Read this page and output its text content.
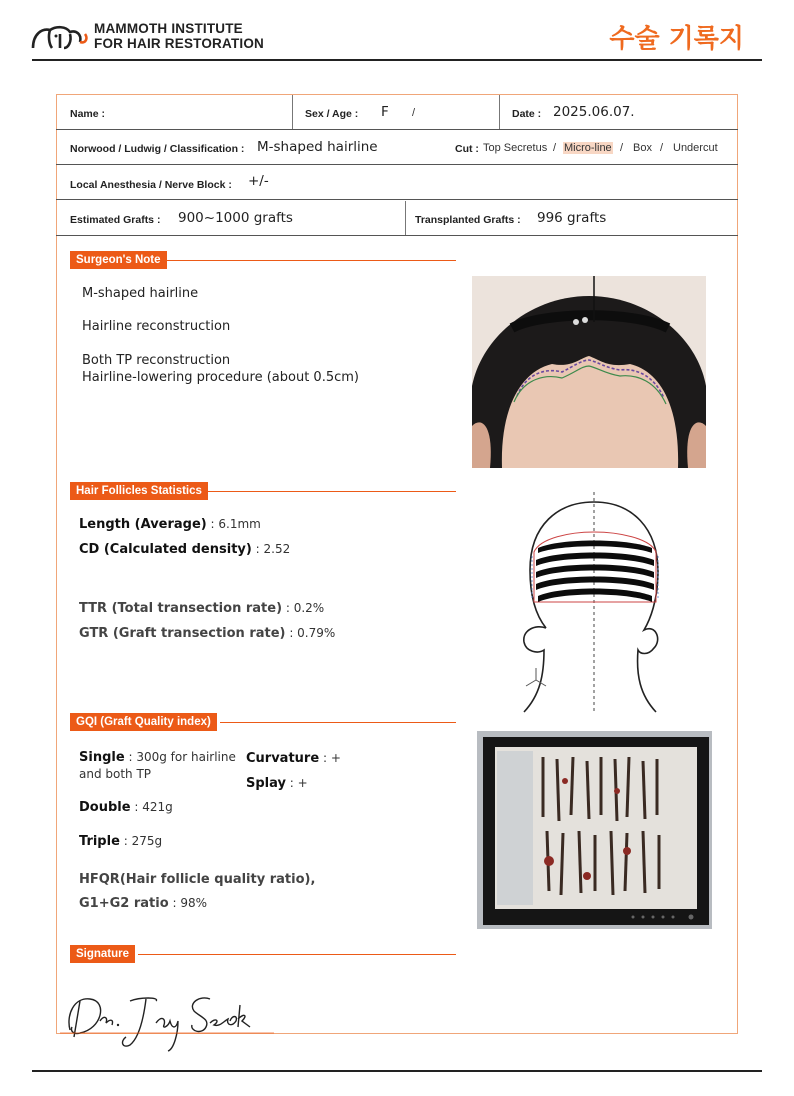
MAMMOTH INSTITUTE
FOR HAIR RESTORATION	수술 기록지
Name :	Sex / Age : F /	Date : 2025.06.07.
Norwood / Ludwig / Classification : M-shaped hairline	Cut : Top Secretus / Micro-line / Box / Undercut
Local Anesthesia / Nerve Block : +/-
Estimated Grafts : 900~1000 grafts	Transplanted Grafts : 996 grafts
Surgeon's Note
M-shaped hairline
Hairline reconstruction
Both TP reconstruction
Hairline-lowering procedure (about 0.5cm)
Hair Follicles Statistics
Length (Average) : 6.1mm
CD (Calculated density) : 2.52
TTR (Total transection rate) : 0.2%
GTR (Graft transection rate) : 0.79%
GQI (Graft Quality index)
Single : 300g for hairline
and both TP
Curvature : +
Splay : +
Double : 421g
Triple : 275g
HFQR(Hair follicle quality ratio),
G1+G2 ratio : 98%
Signature
